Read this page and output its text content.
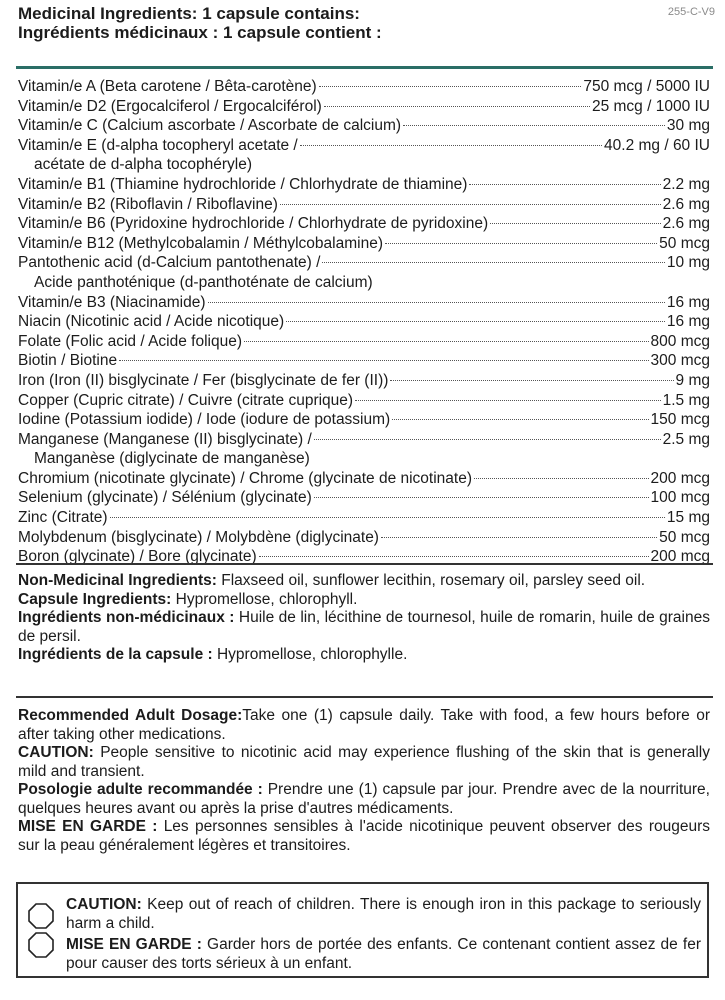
255-C-V9
Medicinal Ingredients: 1 capsule contains:
Ingrédients médicinaux : 1 capsule contient :
Vitamin/e A (Beta carotene / Bêta-carotène)	750 mcg / 5000 IU
Vitamin/e D2 (Ergocalciferol / Ergocalciférol)	25 mcg / 1000 IU
Vitamin/e C (Calcium ascorbate / Ascorbate de calcium)	30 mg
Vitamin/e E (d-alpha tocopheryl acetate /	40.2 mg / 60 IU
acétate de d-alpha tocophéryle)
Vitamin/e B1 (Thiamine hydrochloride / Chlorhydrate de thiamine)	2.2 mg
Vitamin/e B2 (Riboflavin / Riboflavine)	2.6 mg
Vitamin/e B6 (Pyridoxine hydrochloride / Chlorhydrate de pyridoxine)	2.6 mg
Vitamin/e B12 (Methylcobalamin / Méthylcobalamine)	50 mcg
Pantothenic acid (d-Calcium pantothenate) /	10 mg
Acide panthoténique (d-panthoténate de calcium)
Vitamin/e B3 (Niacinamide)	16 mg
Niacin (Nicotinic acid / Acide nicotique)	16 mg
Folate (Folic acid / Acide folique)	800 mcg
Biotin / Biotine	300 mcg
Iron (Iron (II) bisglycinate / Fer (bisglycinate de fer (II))	9 mg
Copper (Cupric citrate) / Cuivre (citrate cuprique)	1.5 mg
Iodine (Potassium iodide) / Iode (iodure de potassium)	150 mcg
Manganese (Manganese (II) bisglycinate) /	2.5 mg
Manganèse (diglycinate de manganèse)
Chromium (nicotinate glycinate) / Chrome (glycinate de nicotinate)	200 mcg
Selenium (glycinate) / Sélénium (glycinate)	100 mcg
Zinc (Citrate)	15 mg
Molybdenum (bisglycinate) / Molybdène (diglycinate)	50 mcg
Boron (glycinate) / Bore (glycinate)	200 mcg
Non-Medicinal Ingredients: Flaxseed oil, sunflower lecithin, rosemary oil, parsley seed oil.
Capsule Ingredients: Hypromellose, chlorophyll.
Ingrédients non-médicinaux : Huile de lin, lécithine de tournesol, huile de romarin, huile de graines de persil.
Ingrédients de la capsule : Hypromellose, chlorophylle.
Recommended Adult Dosage:Take one (1) capsule daily. Take with food, a few hours before or after taking other medications.
CAUTION: People sensitive to nicotinic acid may experience flushing of the skin that is generally mild and transient.
Posologie adulte recommandée : Prendre une (1) capsule par jour. Prendre avec de la nourriture, quelques heures avant ou après la prise d'autres médicaments.
MISE EN GARDE : Les personnes sensibles à l'acide nicotinique peuvent observer des rougeurs sur la peau généralement légères et transitoires.
CAUTION: Keep out of reach of children. There is enough iron in this package to seriously harm a child.
MISE EN GARDE : Garder hors de portée des enfants. Ce contenant contient assez de fer pour causer des torts sérieux à un enfant.
